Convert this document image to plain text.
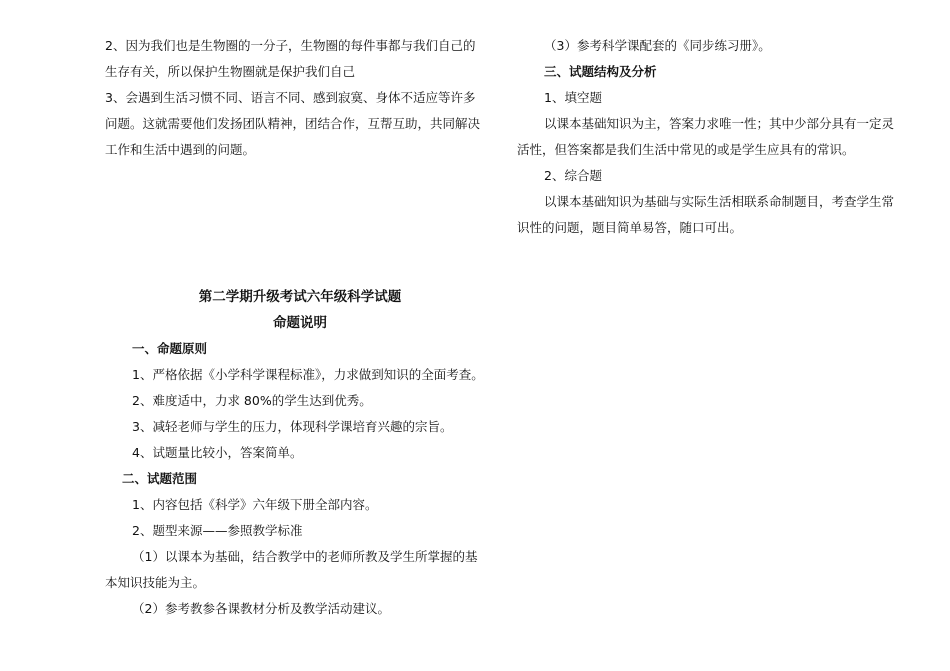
2、因为我们也是生物圈的一分子，生物圈的每件事都与我们自己的

生存有关，所以保护生物圈就是保护我们自己

3、会遇到生活习惯不同、语言不同、感到寂寞、身体不适应等许多

问题。这就需要他们发扬团队精神，团结合作，互帮互助，共同解决

工作和生活中遇到的问题。

第二学期升级考试六年级科学试题

命题说明

一、命题原则

1、严格依据《小学科学课程标准》，力求做到知识的全面考查。

2、难度适中，力求 80%的学生达到优秀。

3、减轻老师与学生的压力，体现科学课培育兴趣的宗旨。

4、试题量比较小，答案简单。

二、试题范围

1、内容包括《科学》六年级下册全部内容。

2、题型来源——参照教学标准

（1）以课本为基础，结合教学中的老师所教及学生所掌握的基

本知识技能为主。

（2）参考教参各课教材分析及教学活动建议。

（3）参考科学课配套的《同步练习册》。

三、试题结构及分析

1、填空题

以课本基础知识为主，答案力求唯一性；其中少部分具有一定灵

活性，但答案都是我们生活中常见的或是学生应具有的常识。

2、综合题

以课本基础知识为基础与实际生活相联系命制题目，考查学生常

识性的问题，题目简单易答，随口可出。
